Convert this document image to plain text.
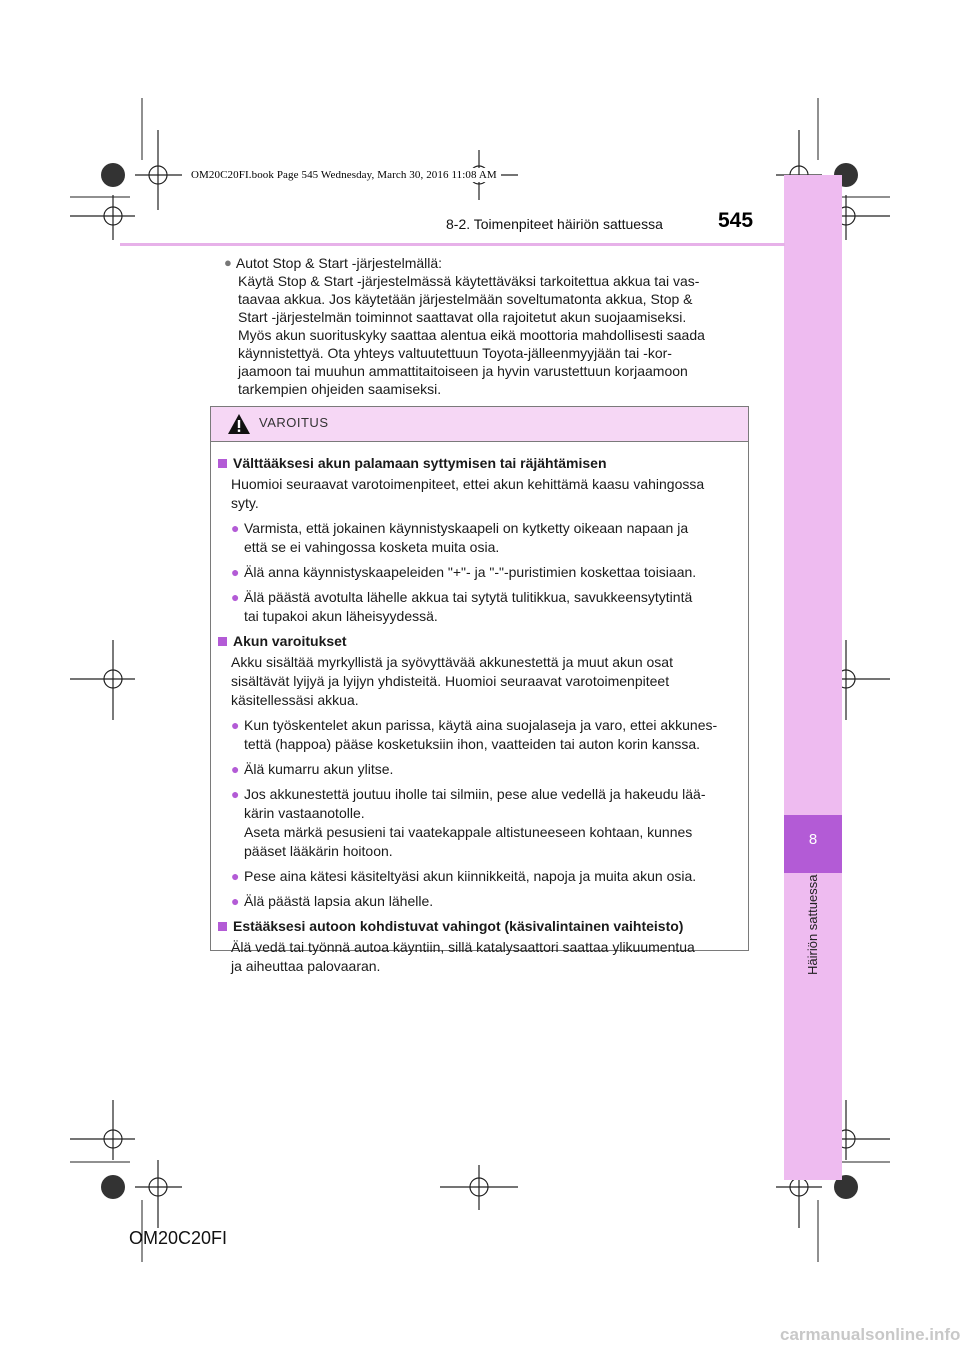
8
Häiriön sattuessa
OM20C20FI.book Page 545 Wednesday, March 30, 2016 11:08 AM
8-2. Toimenpiteet häiriön sattuessa	545
● Autot Stop & Start -järjestelmällä:
Käytä Stop & Start -järjestelmässä käytettäväksi tarkoitettua akkua tai vas-
taavaa akkua. Jos käytetään järjestelmään soveltumatonta akkua, Stop &
Start -järjestelmän toiminnot saattavat olla rajoitetut akun suojaamiseksi.
Myös akun suorituskyky saattaa alentua eikä moottoria mahdollisesti saada
käynnistettyä. Ota yhteys valtuutettuun Toyota-jälleenmyyjään tai -kor-
jaamoon tai muuhun ammattitaitoiseen ja hyvin varustettuun korjaamoon
tarkempien ohjeiden saamiseksi.
VAROITUS
Välttääksesi akun palamaan syttymisen tai räjähtämisen
Huomioi seuraavat varotoimenpiteet, ettei akun kehittämä kaasu vahingossa
syty.
● Varmista, että jokainen käynnistyskaapeli on kytketty oikeaan napaan ja
että se ei vahingossa kosketa muita osia.
● Älä anna käynnistyskaapeleiden "+"- ja "-"-puristimien koskettaa toisiaan.
● Älä päästä avotulta lähelle akkua tai sytytä tulitikkua, savukkeensytytintä
tai tupakoi akun läheisyydessä.
Akun varoitukset
Akku sisältää myrkyllistä ja syövyttävää akkunestettä ja muut akun osat
sisältävät lyijyä ja lyijyn yhdisteitä. Huomioi seuraavat varotoimenpiteet
käsitellessäsi akkua.
● Kun työskentelet akun parissa, käytä aina suojalaseja ja varo, ettei akkunes-
tettä (happoa) pääse kosketuksiin ihon, vaatteiden tai auton korin kanssa.
● Älä kumarru akun ylitse.
● Jos akkunestettä joutuu iholle tai silmiin, pese alue vedellä ja hakeudu lää-
kärin vastaanotolle.
Aseta märkä pesusieni tai vaatekappale altistuneeseen kohtaan, kunnes
pääset lääkärin hoitoon.
● Pese aina kätesi käsiteltyäsi akun kiinnikkeitä, napoja ja muita akun osia.
● Älä päästä lapsia akun lähelle.
Estääksesi autoon kohdistuvat vahingot (käsivalintainen vaihteisto)
Älä vedä tai työnnä autoa käyntiin, sillä katalysaattori saattaa ylikuumentua
ja aiheuttaa palovaaran.
OM20C20FI
carmanualsonline.info
